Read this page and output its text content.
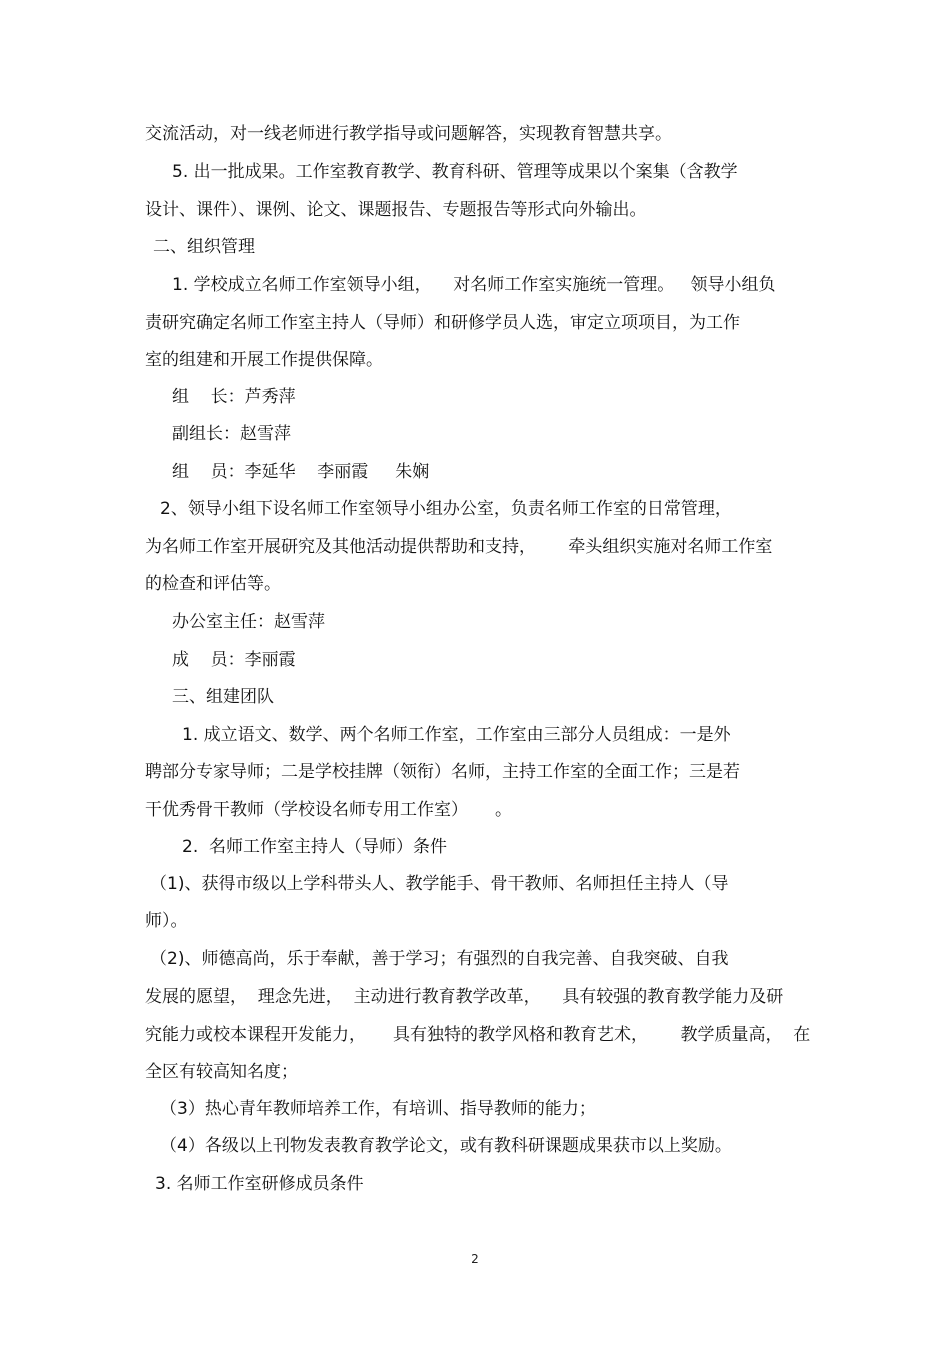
交流活动，对一线老师进行教学指导或问题解答，实现教育智慧共享。
5. 出一批成果。工作室教育教学、教育科研、管理等成果以个案集（含教学
设计、课件）、课例、论文、课题报告、专题报告等形式向外输出。
二、组织管理
1. 学校成立名师工作室领导小组，    对名师工作室实施统一管理。   领导小组负
责研究确定名师工作室主持人（导师）和研修学员人选，审定立项项目，为工作
室的组建和开展工作提供保障。
组    长：芦秀萍
副组长：赵雪萍
组    员：李延华    李丽霞     朱娴
2、领导小组下设名师工作室领导小组办公室，负责名师工作室的日常管理，
为名师工作室开展研究及其他活动提供帮助和支持，      牵头组织实施对名师工作室
的检查和评估等。
办公室主任：赵雪萍
成    员：李丽霞
三、组建团队
1. 成立语文、数学、两个名师工作室，工作室由三部分人员组成：一是外
聘部分专家导师；二是学校挂牌（领衔）名师，主持工作室的全面工作；三是若
干优秀骨干教师（学校设名师专用工作室）     。
2.  名师工作室主持人（导师）条件
（1)、获得市级以上学科带头人、教学能手、骨干教师、名师担任主持人（导
师）。
（2)、师德高尚，乐于奉献，善于学习；有强烈的自我完善、自我突破、自我
发展的愿望，  理念先进，  主动进行教育教学改革，    具有较强的教育教学能力及研
究能力或校本课程开发能力，     具有独特的教学风格和教育艺术，      教学质量高，  在
全区有较高知名度；
（3）热心青年教师培养工作，有培训、指导教师的能力；
（4）各级以上刊物发表教育教学论文，或有教科研课题成果获市以上奖励。
3. 名师工作室研修成员条件
2
